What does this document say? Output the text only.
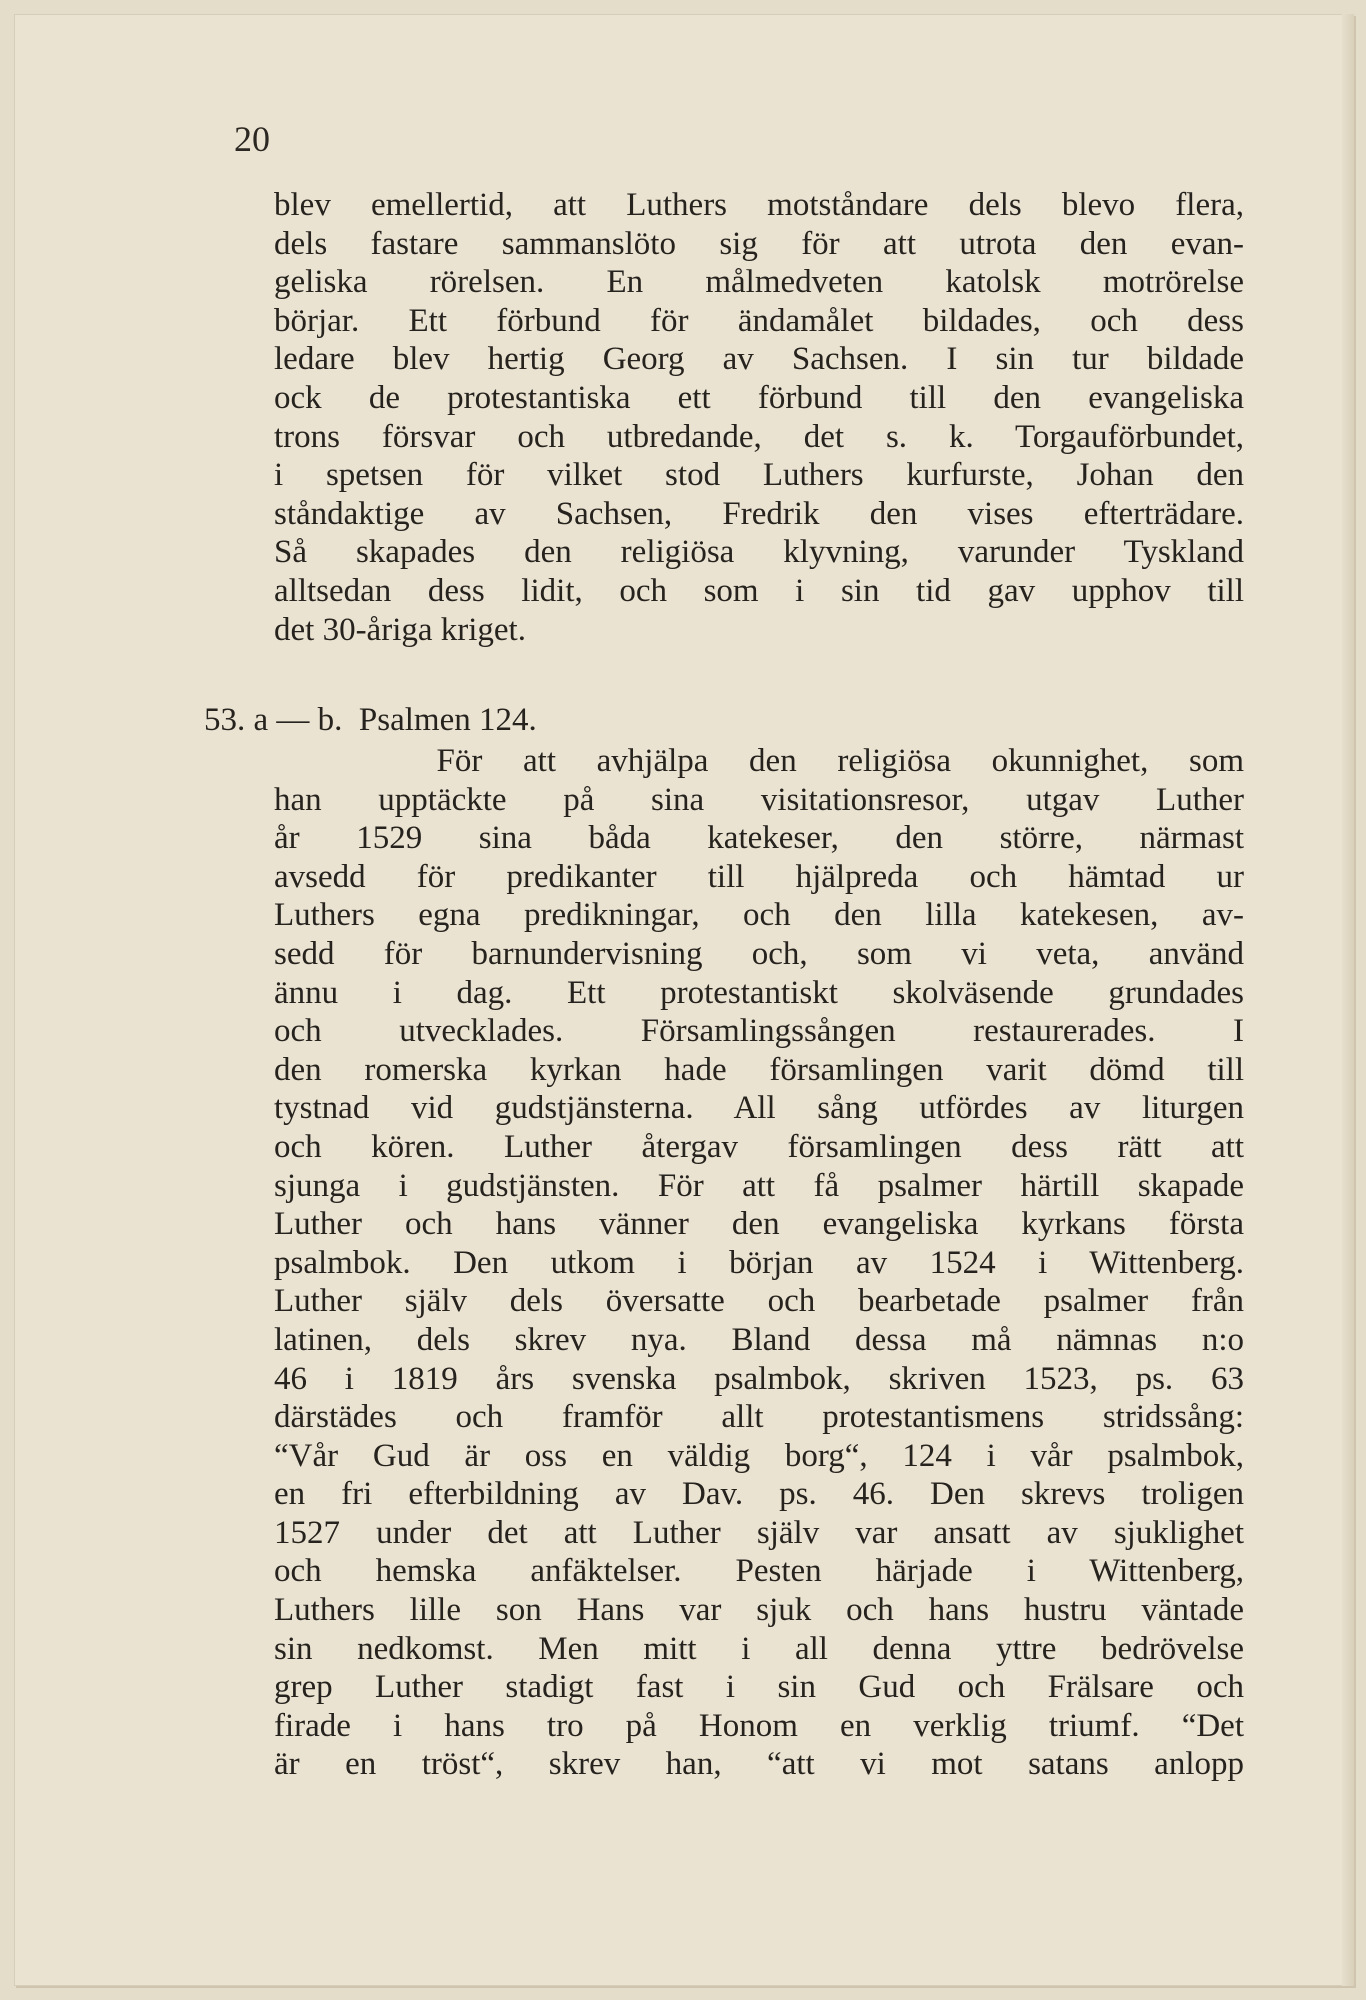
20
blev emellertid, att Luthers motståndare dels blevo flera,
dels fastare sammanslöto sig för att utrota den evan-
geliska rörelsen. En målmedveten katolsk motrörelse
börjar. Ett förbund för ändamålet bildades, och dess
ledare blev hertig Georg av Sachsen. I sin tur bildade
ock de protestantiska ett förbund till den evangeliska
trons försvar och utbredande, det s. k. Torgauförbundet,
i spetsen för vilket stod Luthers kurfurste, Johan den
ståndaktige av Sachsen, Fredrik den vises efterträdare.
Så skapades den religiösa klyvning, varunder Tyskland
alltsedan dess lidit, och som i sin tid gav upphov till
det 30-åriga kriget.
53. a — b.  Psalmen 124.
För att avhjälpa den religiösa okunnighet, som
han upptäckte på sina visitationsresor, utgav Luther
år 1529 sina båda katekeser, den större, närmast
avsedd för predikanter till hjälpreda och hämtad ur
Luthers egna predikningar, och den lilla katekesen, av-
sedd för barnundervisning och, som vi veta, använd
ännu i dag. Ett protestantiskt skolväsende grundades
och utvecklades. Församlingssången restaurerades. I
den romerska kyrkan hade församlingen varit dömd till
tystnad vid gudstjänsterna. All sång utfördes av liturgen
och kören. Luther återgav församlingen dess rätt att
sjunga i gudstjänsten. För att få psalmer härtill skapade
Luther och hans vänner den evangeliska kyrkans första
psalmbok. Den utkom i början av 1524 i Wittenberg.
Luther själv dels översatte och bearbetade psalmer från
latinen, dels skrev nya. Bland dessa må nämnas n:o
46 i 1819 års svenska psalmbok, skriven 1523, ps. 63
därstädes och framför allt protestantismens stridssång:
“Vår Gud är oss en väldig borg“, 124 i vår psalmbok,
en fri efterbildning av Dav. ps. 46. Den skrevs troligen
1527 under det att Luther själv var ansatt av sjuklighet
och hemska anfäktelser. Pesten härjade i Wittenberg,
Luthers lille son Hans var sjuk och hans hustru väntade
sin nedkomst. Men mitt i all denna yttre bedrövelse
grep Luther stadigt fast i sin Gud och Frälsare och
firade i hans tro på Honom en verklig triumf. “Det
är en tröst“, skrev han, “att vi mot satans anlopp
